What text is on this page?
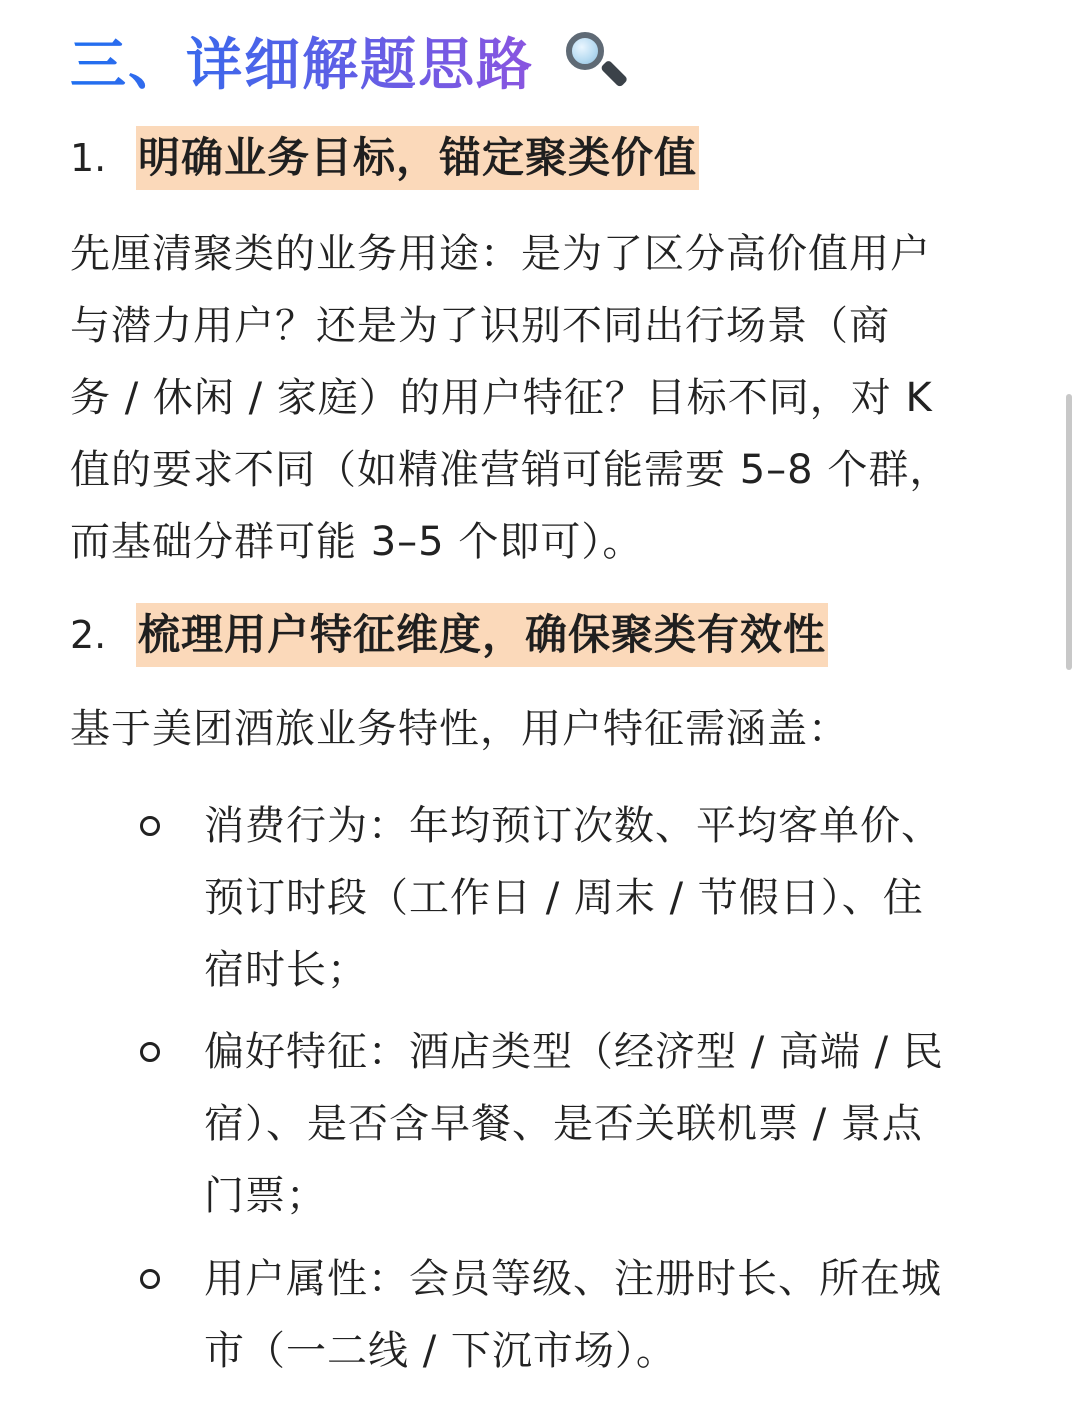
三、详细解题思路
1. 明确业务目标，锚定聚类价值
先厘清聚类的业务用途：是为了区分高价值用户
与潜力用户？还是为了识别不同出行场景（商
务 / 休闲 / 家庭）的用户特征？目标不同，对 K
值的要求不同（如精准营销可能需要 5–8 个群，
而基础分群可能 3–5 个即可）。
2. 梳理用户特征维度，确保聚类有效性
基于美团酒旅业务特性，用户特征需涵盖：
消费行为：年均预订次数、平均客单价、
预订时段（工作日 / 周末 / 节假日）、住
宿时长；
偏好特征：酒店类型（经济型 / 高端 / 民
宿）、是否含早餐、是否关联机票 / 景点
门票；
用户属性：会员等级、注册时长、所在城
市（一二线 / 下沉市场）。
